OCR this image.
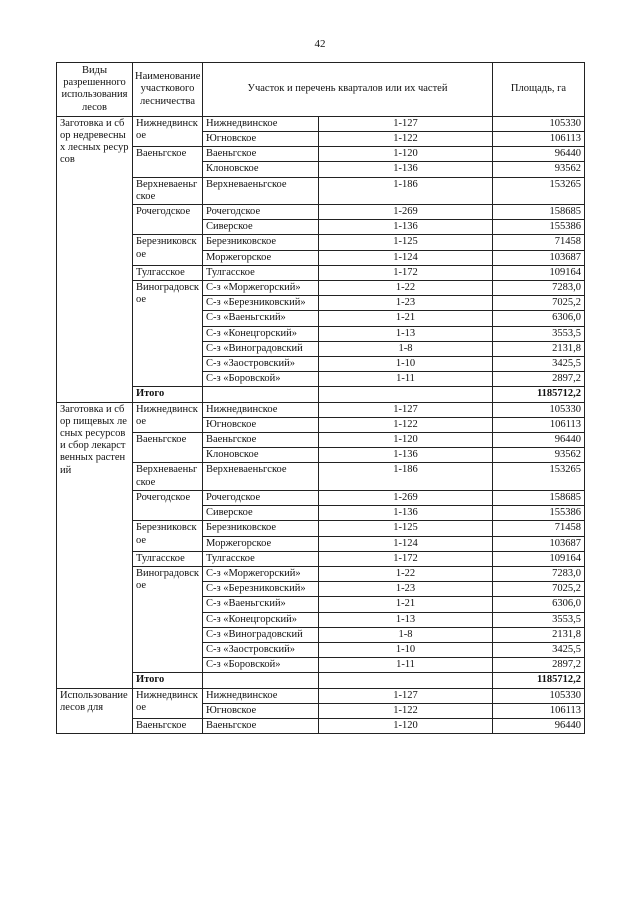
42
Виды разрешенного использования лесов	Наименование участкового лесничества	Участок и перечень кварталов или их частей		Площадь, га
Заготовка и сбор недревесных лесных ресурсов	Нижнедвинское	Нижнедвинское	1-127	105330
		Югновское	1-122	106113
	Ваеньгское	Ваеньгское	1-120	96440
		Клоновское	1-136	93562
	Верхневаеньгское	Верхневаеньгское	1-186	153265
	Рочегодское	Рочегодское	1-269	158685
		Сиверское	1-136	155386
	Березниковское	Березниковское	1-125	71458
		Моржегорское	1-124	103687
	Тулгасское	Тулгасское	1-172	109164
	Виноградовское	С-з «Моржегорский»	1-22	7283,0
		С-з «Березниковский»	1-23	7025,2
		С-з «Ваеньгский»	1-21	6306,0
		С-з «Конецгорский»	1-13	3553,5
		С-з «Виноградовский	1-8	2131,8
		С-з «Заостровский»	1-10	3425,5
		С-з «Боровской»	1-11	2897,2
	Итого			1185712,2
Заготовка и сбор пищевых лесных ресурсов и сбор лекарственных растений	Нижнедвинское	Нижнедвинское	1-127	105330
		Югновское	1-122	106113
	Ваеньгское	Ваеньгское	1-120	96440
		Клоновское	1-136	93562
	Верхневаеньгское	Верхневаеньгское	1-186	153265
	Рочегодское	Рочегодское	1-269	158685
		Сиверское	1-136	155386
	Березниковское	Березниковское	1-125	71458
		Моржегорское	1-124	103687
	Тулгасское	Тулгасское	1-172	109164
	Виноградовское	С-з «Моржегорский»	1-22	7283,0
		С-з «Березниковский»	1-23	7025,2
		С-з «Ваеньгский»	1-21	6306,0
		С-з «Конецгорский»	1-13	3553,5
		С-з «Виноградовский	1-8	2131,8
		С-з «Заостровский»	1-10	3425,5
		С-з «Боровской»	1-11	2897,2
	Итого			1185712,2
Использование лесов для	Нижнедвинское	Нижнедвинское	1-127	105330
		Югновское	1-122	106113
	Ваеньгское	Ваеньгское	1-120	96440
